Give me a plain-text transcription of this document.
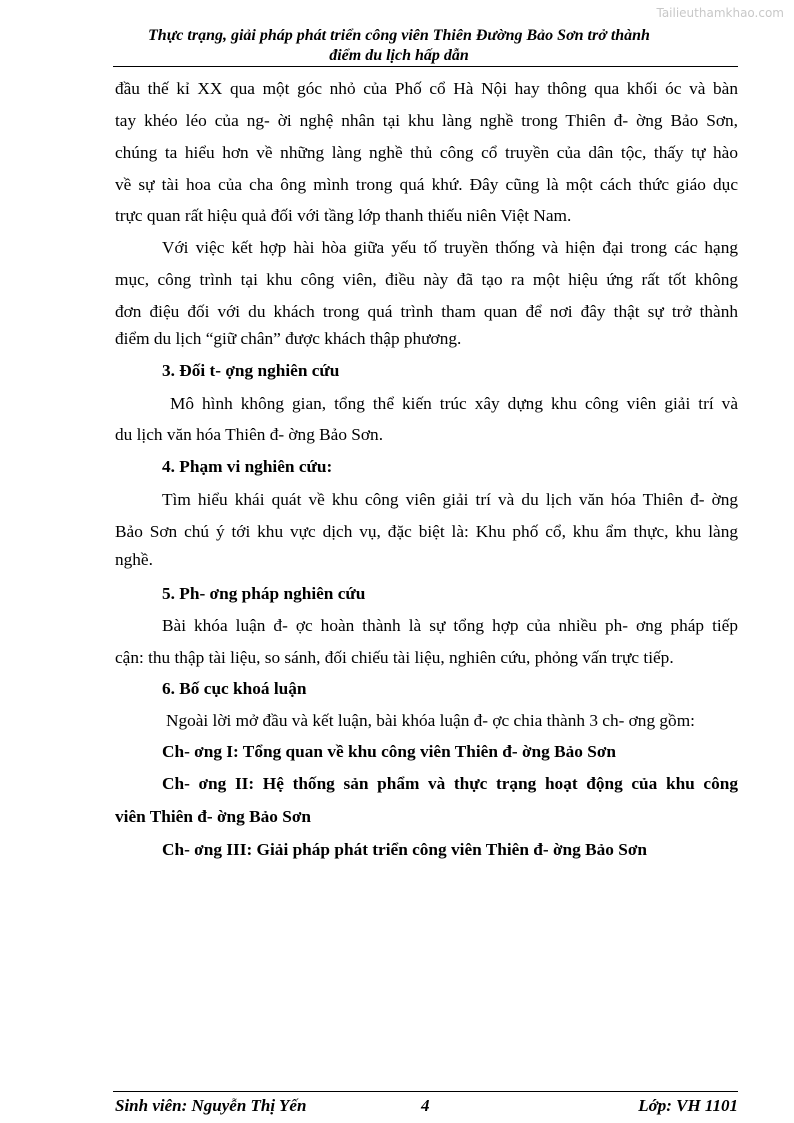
Tailieuthamkhao.com
Thực trạng, giải pháp phát triển công viên Thiên Đường Bảo Sơn trở thành
điểm du lịch hấp dẫn
đầu thế kỉ XX qua một góc nhỏ của Phố cổ Hà Nội hay thông qua khối óc và bàn
tay khéo léo của ng- ời nghệ nhân tại khu làng nghề trong Thiên đ- ờng Bảo Sơn,
chúng ta hiểu hơn về những làng nghề thủ công cổ truyền của dân tộc, thấy tự hào
về sự tài hoa của cha ông mình trong quá khứ. Đây cũng là một cách thức giáo dục
trực quan rất hiệu quả đối với tầng lớp thanh thiếu niên Việt Nam.
Với việc kết hợp hài hòa giữa yếu tố truyền thống và hiện đại trong các hạng
mục, công trình tại khu công viên, điều này đã tạo ra một hiệu ứng rất tốt không
đơn điệu đối với du khách trong quá trình tham quan để nơi đây thật sự trở thành
điểm du lịch “giữ chân” được khách thập phương.
3. Đối t- ợng nghiên cứu
Mô hình không gian, tổng thể kiến trúc xây dựng khu công viên giải trí và
du lịch văn hóa Thiên đ- ờng Bảo Sơn.
4. Phạm vi nghiên cứu:
Tìm hiểu khái quát về khu công viên giải trí và du lịch văn hóa Thiên đ- ờng
Bảo Sơn chú ý tới khu vực dịch vụ, đặc biệt là: Khu phố cổ, khu ẩm thực, khu làng
nghề.
5. Ph- ơng pháp nghiên cứu
Bài khóa luận đ- ợc hoàn thành là sự tổng hợp của nhiều ph- ơng pháp tiếp
cận: thu thập tài liệu, so sánh, đối chiếu tài liệu, nghiên cứu, phỏng vấn trực tiếp.
6. Bố cục khoá luận
Ngoài lời mở đầu và kết luận, bài khóa luận đ- ợc chia thành 3 ch- ơng gồm:
Ch- ơng I: Tổng quan về khu công viên Thiên đ- ờng Bảo Sơn
Ch- ơng II: Hệ thống sản phẩm và thực trạng hoạt động của khu công
viên Thiên đ- ờng Bảo Sơn
Ch- ơng III: Giải pháp phát triển công viên Thiên đ- ờng Bảo Sơn
Sinh viên: Nguyễn Thị Yến	4	Lớp: VH 1101
